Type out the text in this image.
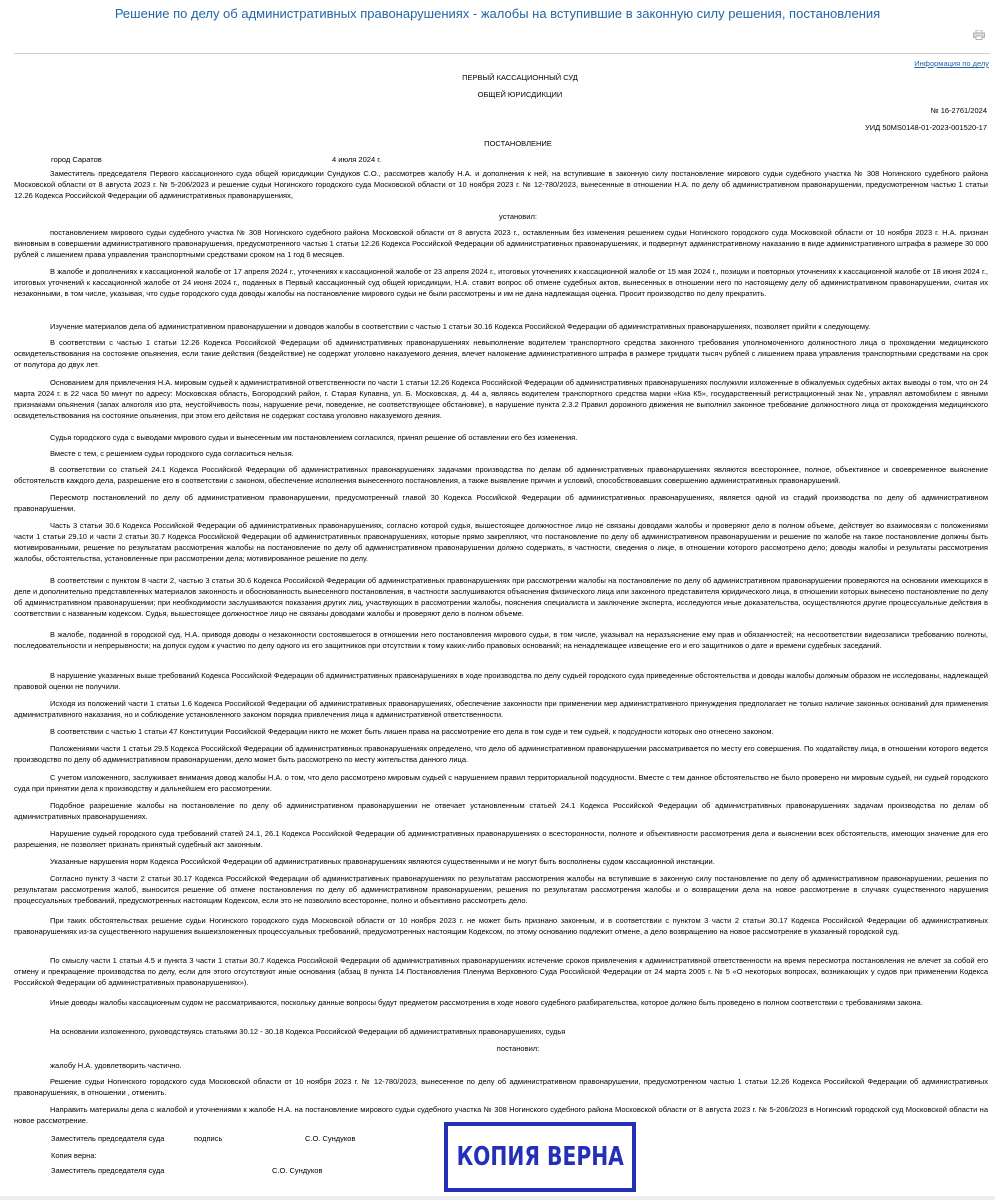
Решение по делу об административных правонарушениях - жалобы на вступившие в законную силу решения, постановления
Информация по делу
ПЕРВЫЙ КАССАЦИОННЫЙ СУД
ОБЩЕЙ ЮРИСДИКЦИИ
№ 16-2761/2024
УИД 50MS0148-01-2023-001520-17
ПОСТАНОВЛЕНИЕ
город Саратов	4 июля 2024 г.

Заместитель председателя Первого кассационного суда общей юрисдикции Сундуков С.О., рассмотрев жалобу Н.А. и дополнения к ней, на вступившие в законную силу постановление мирового судьи судебного участка № 308 Ногинского судебного района Московской области от 8 августа 2023 г. № 5-206/2023 и решение судьи Ногинского городского суда Московской области от 10 ноября 2023 г. № 12-780/2023, вынесенные в отношении Н.А. по делу об административном правонарушении, предусмотренном частью 1 статьи 12.26 Кодекса Российской Федерации об административных правонарушениях,

установил:

постановлением мирового судьи судебного участка № 308 Ногинского судебного района Московской области от 8 августа 2023 г., оставленным без изменения решением судьи Ногинского городского суда Московской области от 10 ноября 2023 г. Н.А. признан виновным в совершении административного правонарушения, предусмотренного частью 1 статьи 12.26 Кодекса Российской Федерации об административных правонарушениях, и подвергнут административному наказанию в виде административного штрафа в размере 30 000 рублей с лишением права управления транспортными средствами сроком на 1 год 6 месяцев.

В жалобе и дополнениях к кассационной жалобе от 17 апреля 2024 г., уточнениях к кассационной жалобе от 23 апреля 2024 г., итоговых уточнениях к кассационной жалобе от 15 мая 2024 г., позиции и повторных уточнениях к кассационной жалобе от 18 июня 2024 г., итоговых уточнений к кассационной жалобе от 24 июня 2024 г., поданных в Первый кассационный суд общей юрисдикции, Н.А. ставит вопрос об отмене судебных актов, вынесенных в отношении него по настоящему делу об административном правонарушении, считая их незаконными, в том числе, указывая, что судье городского суда доводы жалобы на постановление мирового судьи не были рассмотрены и им не дана надлежащая оценка. Просит производство по делу прекратить.

Изучение материалов дела об административном правонарушении и доводов жалобы в соответствии с частью 1 статьи 30.16 Кодекса Российской Федерации об административных правонарушениях, позволяет прийти к следующему.

В соответствии с частью 1 статьи 12.26 Кодекса Российской Федерации об административных правонарушениях невыполнение водителем транспортного средства законного требования уполномоченного должностного лица о прохождении медицинского освидетельствования на состояние опьянения, если такие действия (бездействие) не содержат уголовно наказуемого деяния, влечет наложение административного штрафа в размере тридцати тысяч рублей с лишением права управления транспортными средствами на срок от полутора до двух лет.

Основанием для привлечения Н.А. мировым судьей к административной ответственности по части 1 статьи 12.26 Кодекса Российской Федерации об административных правонарушениях послужили изложенные в обжалуемых судебных актах выводы о том, что он 24 марта 2024 г. в 22 часа 50 минут по адресу: Московская область, Богородский район, г. Старая Купавна, ул. Б. Московская, д. 44 а, являясь водителем транспортного средства марки «Киа К5», государственный регистрационный знак №, управлял автомобилем с явными признаками опьянения (запах алкоголя изо рта, неустойчивость позы, нарушение речи, поведение, не соответствующее обстановке), в нарушение пункта 2.3.2 Правил дорожного движения не выполнил законное требование должностного лица от прохождения медицинского освидетельствования на состояние опьянения, при этом его действия не содержат состава уголовно наказуемого деяния.

Судья городского суда с выводами мирового судьи и вынесенным им постановлением согласился, принял решение об оставлении его без изменения.

Вместе с тем, с решением судьи городского суда согласиться нельзя.

В соответствии со статьей 24.1 Кодекса Российской Федерации об административных правонарушениях задачами производства по делам об административных правонарушениях являются всестороннее, полное, объективное и своевременное выяснение обстоятельств каждого дела, разрешение его в соответствии с законом, обеспечение исполнения вынесенного постановления, а также выявление причин и условий, способствовавших совершению административных правонарушений.

Пересмотр постановлений по делу об административном правонарушении, предусмотренный главой 30 Кодекса Российской Федерации об административных правонарушениях, является одной из стадий производства по делу об административном правонарушении.

Часть 3 статьи 30.6 Кодекса Российской Федерации об административных правонарушениях, согласно которой судья, вышестоящее должностное лицо не связаны доводами жалобы и проверяют дело в полном объеме, действует во взаимосвязи с положениями части 1 статьи 29.10 и части 2 статьи 30.7 Кодекса Российской Федерации об административных правонарушениях, которые прямо закрепляют, что постановление по делу об административном правонарушении и решение по жалобе на такое постановление должны быть мотивированными, решение по результатам рассмотрения жалобы на постановление по делу об административном правонарушении должно содержать, в частности, сведения о лице, в отношении которого рассмотрено дело; доводы жалобы и результаты рассмотрения жалобы, обстоятельства, установленные при рассмотрении дела; мотивированное решение по делу.

В соответствии с пунктом 8 части 2, частью 3 статьи 30.6 Кодекса Российской Федерации об административных правонарушениях при рассмотрении жалобы на постановление по делу об административном правонарушении проверяются на основании имеющихся в деле и дополнительно представленных материалов законность и обоснованность вынесенного постановления, в частности заслушиваются объяснения физического лица или законного представителя юридического лица, в отношении которых вынесено постановление по делу об административном правонарушении; при необходимости заслушиваются показания других лиц, участвующих в рассмотрении жалобы, пояснения специалиста и заключение эксперта, исследуются иные доказательства, осуществляются другие процессуальные действия в соответствии с названным кодексом. Судья, вышестоящее должностное лицо не связаны доводами жалобы и проверяют дело в полном объеме.

В жалобе, поданной в городской суд, Н.А. приводя доводы о незаконности состоявшегося в отношении него постановления мирового судьи, в том числе, указывал на неразъяснение ему прав и обязанностей; на несоответствии видеозаписи требованию полноты, последовательности и непрерывности; на допуск судом к участию по делу одного из его защитников при отсутствии к тому каких-либо правовых оснований; на ненадлежащее извещение его и его защитников о дате и времени судебных заседаний.

В нарушение указанных выше требований Кодекса Российской Федерации об административных правонарушениях в ходе производства по делу судьей городского суда приведенные обстоятельства и доводы жалобы должным образом не исследованы, надлежащей правовой оценки не получили.

Исходя из положений части 1 статьи 1.6 Кодекса Российской Федерации об административных правонарушениях, обеспечение законности при применении мер административного принуждения предполагает не только наличие законных оснований для применения административного наказания, но и соблюдение установленного законом порядка привлечения лица к административной ответственности.

В соответствии с частью 1 статьи 47 Конституции Российской Федерации никто не может быть лишен права на рассмотрение его дела в том суде и тем судьей, к подсудности которых оно отнесено законом.

Положениями части 1 статьи 29.5 Кодекса Российской Федерации об административных правонарушениях определено, что дело об административном правонарушении рассматривается по месту его совершения. По ходатайству лица, в отношении которого ведется производство по делу об административном правонарушении, дело может быть рассмотрено по месту жительства данного лица.

С учетом изложенного, заслуживает внимания довод жалобы Н.А. о том, что дело рассмотрено мировым судьей с нарушением правил территориальной подсудности. Вместе с тем данное обстоятельство не было проверено ни мировым судьей, ни судьей городского суда при принятии дела к производству и дальнейшем его рассмотрении.

Подобное разрешение жалобы на постановление по делу об административном правонарушении не отвечает установленным статьей 24.1 Кодекса Российской Федерации об административных правонарушениях задачам производства по делам об административных правонарушениях.

Нарушение судьей городского суда требований статей 24.1, 26.1 Кодекса Российской Федерации об административных правонарушениях о всесторонности, полноте и объективности рассмотрения дела и выяснении всех обстоятельств, имеющих значение для его разрешения, не позволяет признать принятый судебный акт законным.

Указанные нарушения норм Кодекса Российской Федерации об административных правонарушениях являются существенными и не могут быть восполнены судом кассационной инстанции.

Согласно пункту 3 части 2 статьи 30.17 Кодекса Российской Федерации об административных правонарушениях по результатам рассмотрения жалобы на вступившие в законную силу постановление по делу об административном правонарушении, решения по результатам рассмотрения жалоб, выносится решение об отмене постановления по делу об административном правонарушении, решения по результатам рассмотрения жалобы и о возвращении дела на новое рассмотрение в случаях существенного нарушения процессуальных требований, предусмотренных настоящим Кодексом, если это не позволило всесторонне, полно и объективно рассмотреть дело.

При таких обстоятельствах решение судьи Ногинского городского суда Московской области от 10 ноября 2023 г. не может быть признано законным, и в соответствии с пунктом 3 части 2 статьи 30.17 Кодекса Российской Федерации об административных правонарушениях из-за существенного нарушения вышеизложенных процессуальных требований, предусмотренных настоящим Кодексом, по этому основанию подлежит отмене, а дело возвращению на новое рассмотрение в указанный городской суд.

По смыслу части 1 статьи 4.5 и пункта 3 части 1 статьи 30.7 Кодекса Российской Федерации об административных правонарушениях истечение сроков привлечения к административной ответственности на время пересмотра постановления не влечет за собой его отмену и прекращение производства по делу, если для этого отсутствуют иные основания (абзац 8 пункта 14 Постановления Пленума Верховного Суда Российской Федерации от 24 марта 2005 г. № 5 «О некоторых вопросах, возникающих у судов при применении Кодекса Российской Федерации об административных правонарушениях»).

Иные доводы жалобы кассационным судом не рассматриваются, поскольку данные вопросы будут предметом рассмотрения в ходе нового судебного разбирательства, которое должно быть проведено в полном соответствии с требованиями закона.

На основании изложенного, руководствуясь статьями 30.12 - 30.18 Кодекса Российской Федерации об административных правонарушениях, судья

постановил:

жалобу Н.А. удовлетворить частично.

Решение судьи Ногинского городского суда Московской области от 10 ноября 2023 г. № 12-780/2023, вынесенное по делу об административном правонарушении, предусмотренном частью 1 статьи 12.26 Кодекса Российской Федерации об административных правонарушениях, в отношении , отменить.

Направить материалы дела с жалобой и уточнениями к жалобе Н.А. на постановление мирового судьи судебного участка № 308 Ногинского судебного района Московской области от 8 августа 2023 г. № 5-206/2023 в Ногинский городской суд Московской области на новое рассмотрение.

Заместитель председателя суда	подпись	С.О. Сундуков
Копия верна:
Заместитель председателя суда	С.О. Сундуков	КОПИЯ ВЕРНА
